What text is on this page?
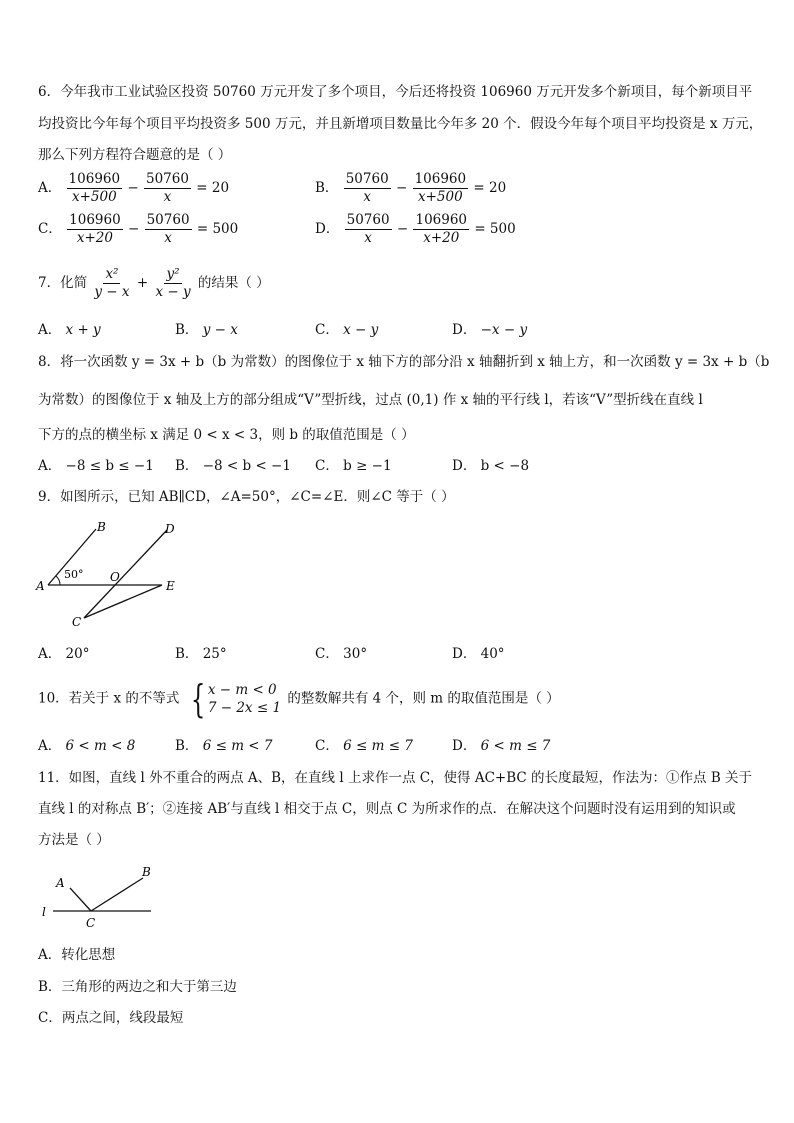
6．今年我市工业试验区投资 50760 万元开发了多个项目，今后还将投资 106960 万元开发多个新项目，每个新项目平
均投资比今年每个项目平均投资多 500 万元，并且新增项目数量比今年多 20 个．假设今年每个项目平均投资是 x 万元，
那么下列方程符合题意的是（ ）
A． $\frac{106960}{x+500} - \frac{50760}{x} = 20$	B． $\frac{50760}{x} - \frac{106960}{x+500} = 20$
C． $\frac{106960}{x+20} - \frac{50760}{x} = 500$	D． $\frac{50760}{x} - \frac{106960}{x+20} = 500$
7．化简 $\frac{\text{x²}}{y - x} + \frac{\text{y²}}{x - y}$ 的结果（ ）
A． x + y	B． y − x	C． x − y	D． −x − y
8．将一次函数 y = 3x + b（b 为常数）的图像位于 x 轴下方的部分沿 x 轴翻折到 x 轴上方，和一次函数 y = 3x + b（b
为常数）的图像位于 x 轴及上方的部分组成“V”型折线，过点 (0,1) 作 x 轴的平行线 l，若该“V”型折线在直线 l
下方的点的横坐标 x 满足 0 < x < 3，则 b 的取值范围是（ ）
A． −8 ≤ b ≤ −1 B． −8 < b < −1 C． b ≥ −1	D． b < −8
9．如图所示，已知 AB∥CD，∠A=50°，∠C=∠E．则∠C 等于（ ）
B	D
A
O
E
C
50°
A． 20°	B． 25°	C． 30°	D． 40°
10．若关于 x 的不等式 { x − m < 0
7 − 2x ≤ 1
的整数解共有 4 个，则 m 的取值范围是（ ）
A． 6 < m < 8	B． 6 ≤ m < 7	C． 6 ≤ m ≤ 7	D． 6 < m ≤ 7
11．如图，直线 l 外不重合的两点 A、B，在直线 l 上求作一点 C，使得 AC+BC 的长度最短，作法为：①作点 B 关于
直线 l 的对称点 B′；②连接 AB′与直线 l 相交于点 C，则点 C 为所求作的点．在解决这个问题时没有运用到的知识或
方法是（ ）
A
B
C
l
A．转化思想
B．三角形的两边之和大于第三边
C．两点之间，线段最短
